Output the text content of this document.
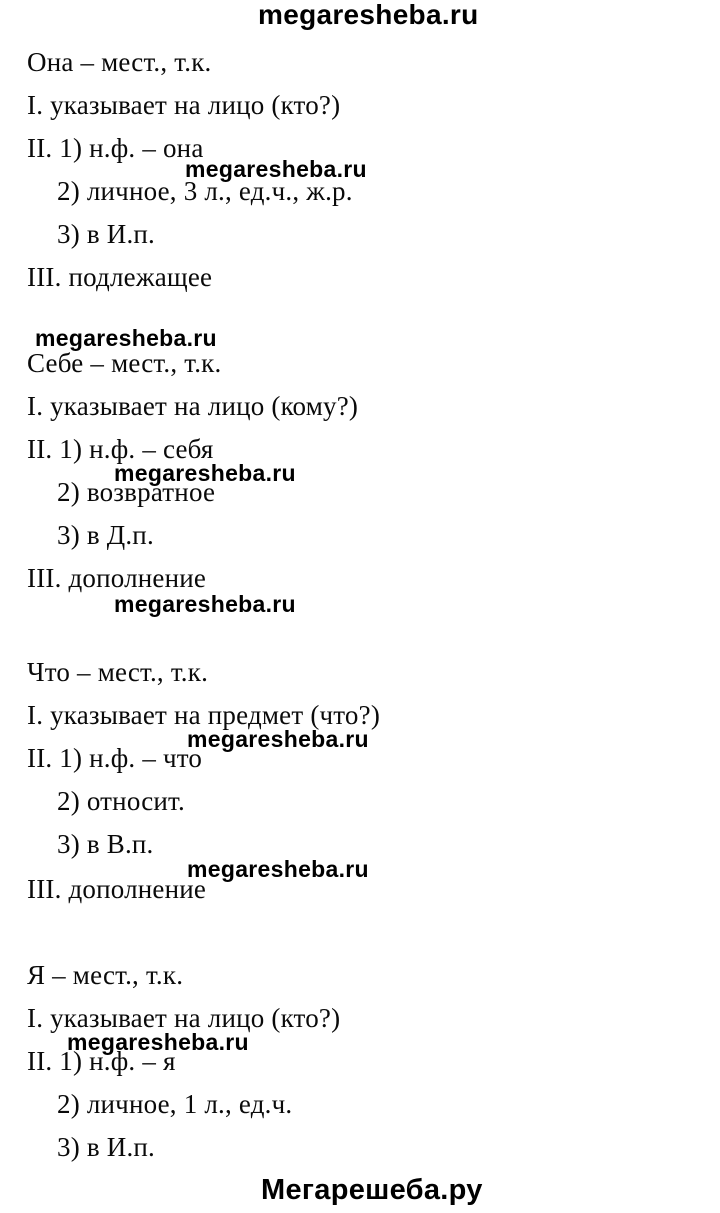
megaresheba.ru
Она – мест., т.к.
I. указывает на лицо (кто?)
II. 1) н.ф. – она
megaresheba.ru
2) личное, 3 л., ед.ч., ж.р.
3) в И.п.
III. подлежащее
megaresheba.ru
Себе – мест., т.к.
I. указывает на лицо (кому?)
II. 1) н.ф. – себя
megaresheba.ru
2) возвратное
3) в Д.п.
III. дополнение
megaresheba.ru
Что – мест., т.к.
I. указывает на предмет (что?)
megaresheba.ru
II. 1) н.ф. – что
2) относит.
3) в В.п.
megaresheba.ru
III. дополнение
Я – мест., т.к.
I. указывает на лицо (кто?)
megaresheba.ru
II. 1) н.ф. – я
2) личное, 1 л., ед.ч.
3) в И.п.
Мегарешеба.ру
